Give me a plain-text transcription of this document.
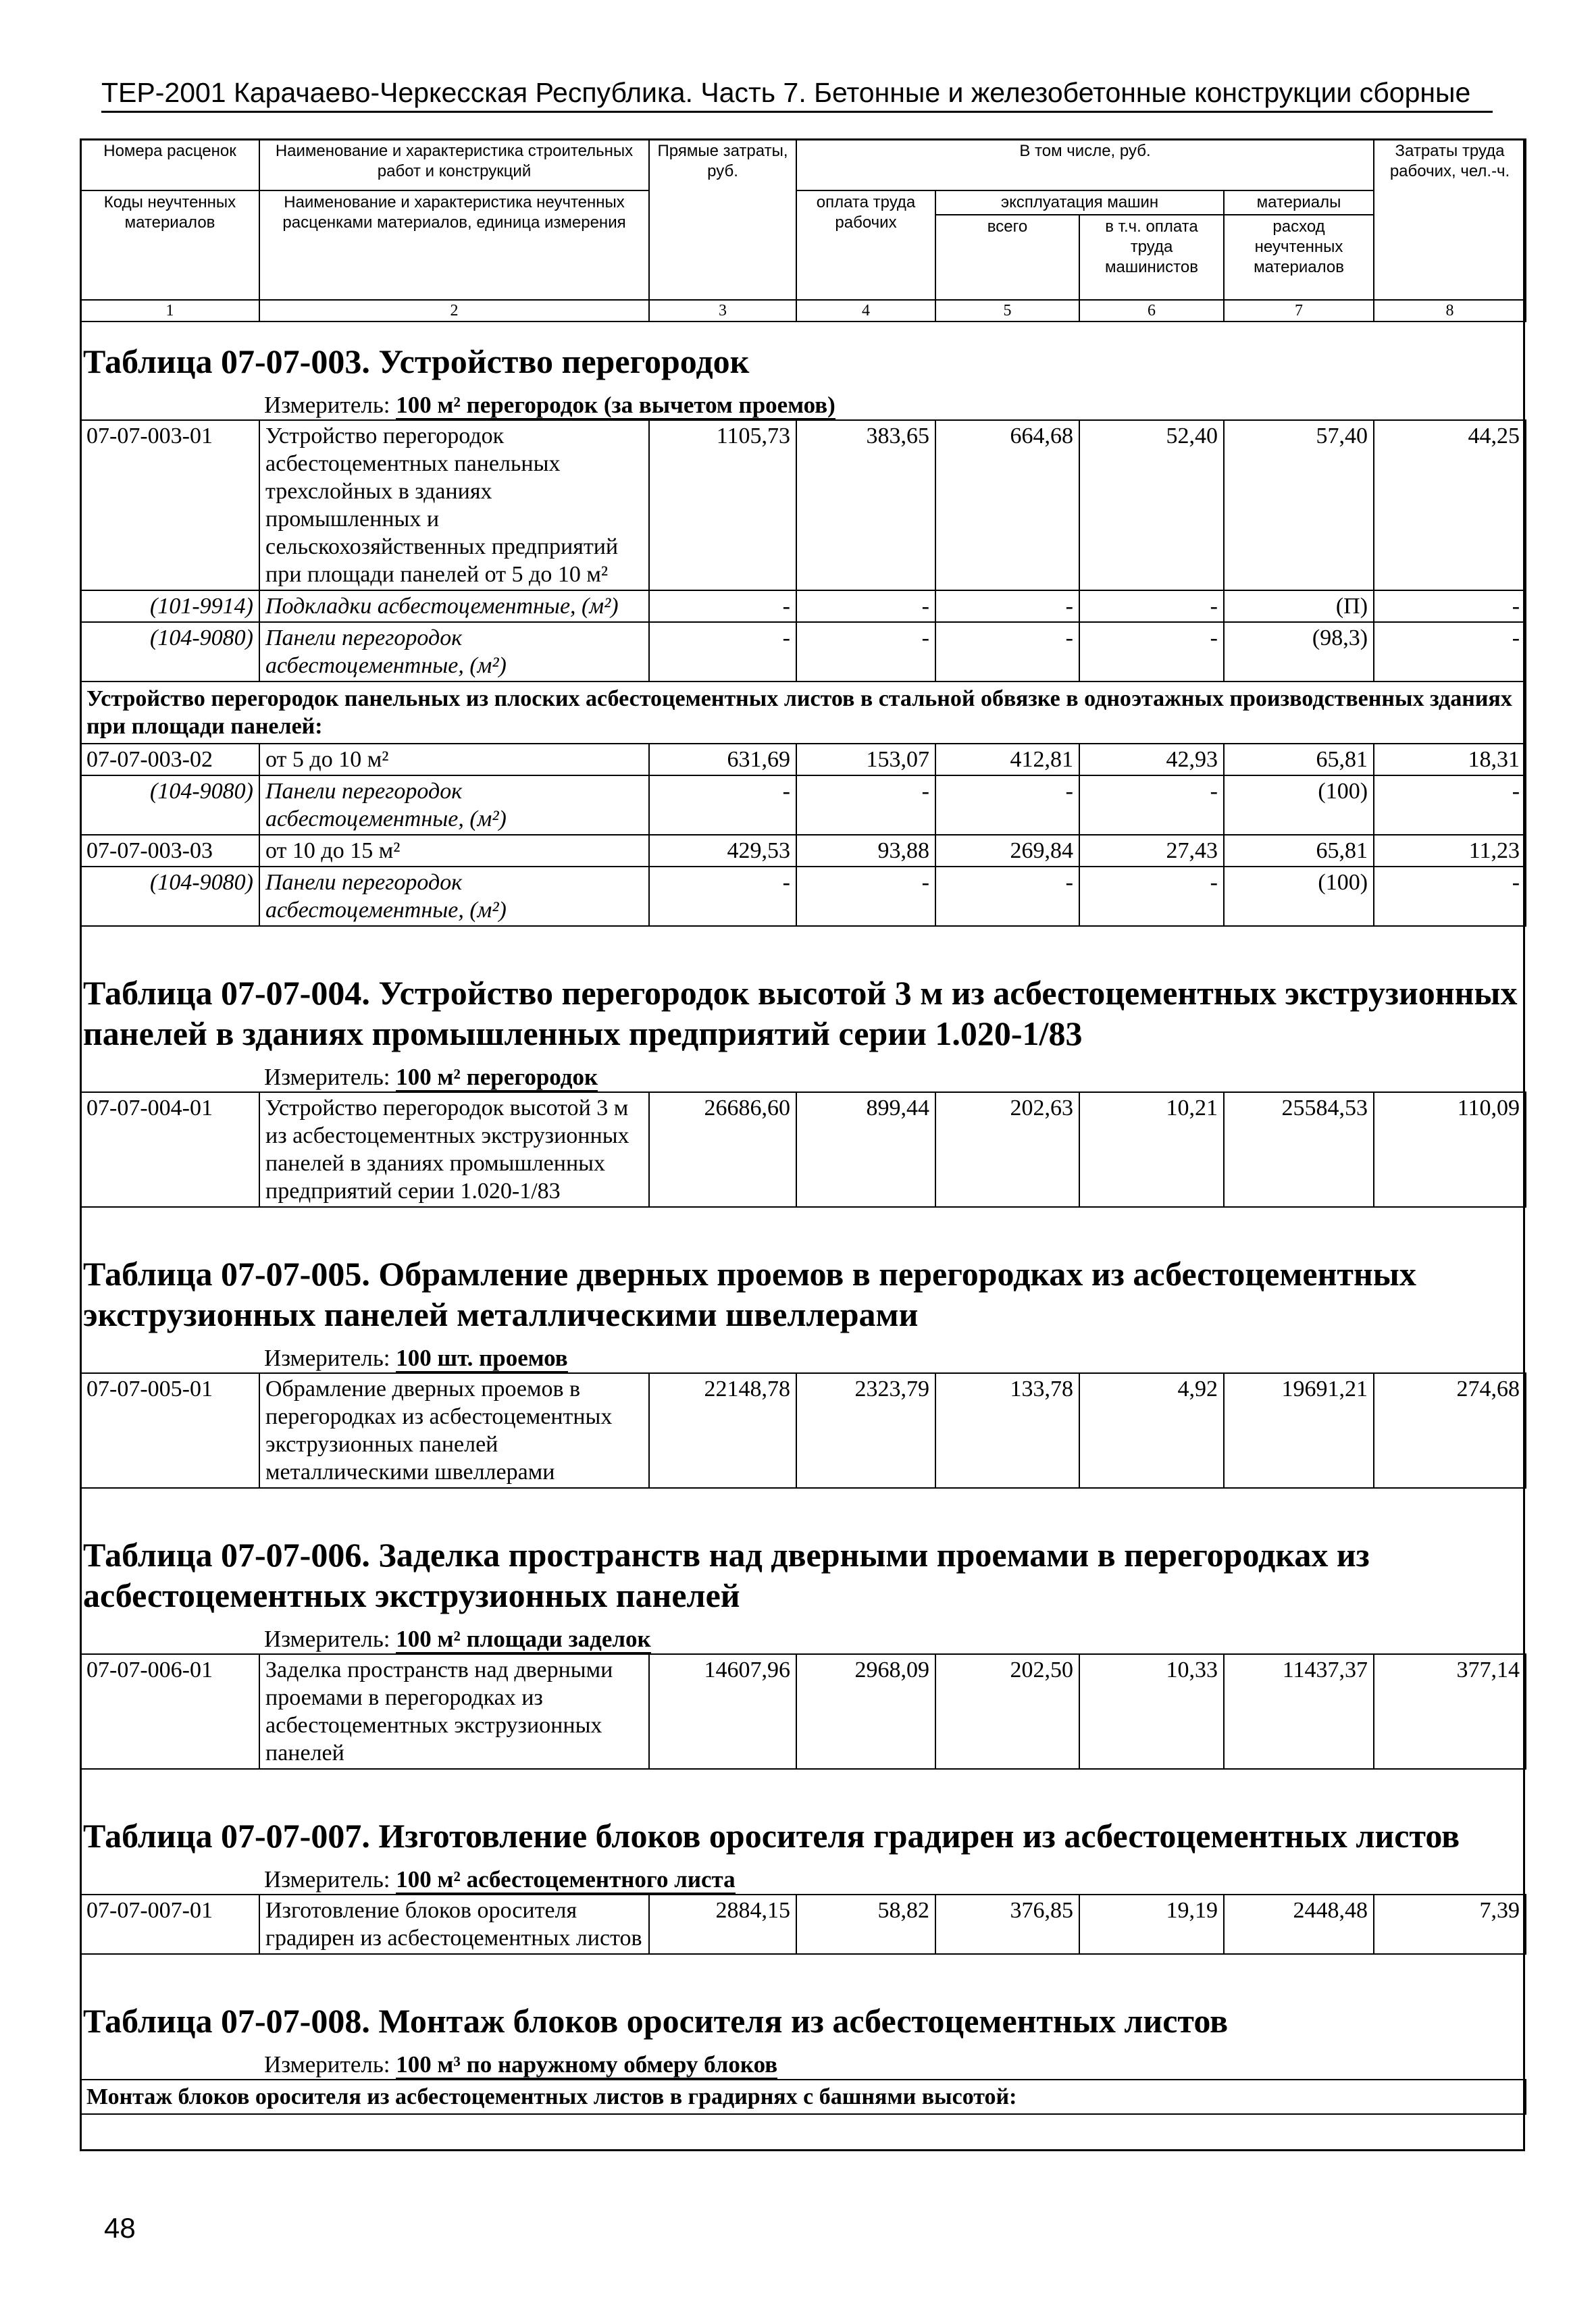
ТЕР-2001 Карачаево-Черкесская Республика. Часть 7. Бетонные и железобетонные конструкции сборные
Номера расценок	Наименование и характеристика строительных работ и конструкций	Прямые затраты, руб.	В том числе, руб.				Затраты труда рабочих, чел.-ч.
Коды неучтенных материалов	Наименование и характеристика неучтенных расценками материалов, единица измерения		оплата труда рабочих	эксплуатация машин		материалы	
				всего	в т.ч. оплата труда машинистов	расход неучтенных материалов	
1	2	3	4	5	6	7	8
Таблица 07-07-003. Устройство перегородок							
Измеритель: 100 м² перегородок (за вычетом проемов)							
07-07-003-01	Устройство перегородок асбестоцементных панельных трехслойных в зданиях промышленных и сельскохозяйственных предприятий при площади панелей от 5 до 10 м²	1105,73	383,65	664,68	52,40	57,40	44,25
(101-9914)	Подкладки асбестоцементные, (м²)	-	-	-	-	(П)	-
(104-9080)	Панели перегородок асбестоцементные, (м²)	-	-	-	-	(98,3)	-
Устройство перегородок панельных из плоских асбестоцементных листов в стальной обвязке в одноэтажных производственных зданиях при площади панелей:							
07-07-003-02	от 5 до 10 м²	631,69	153,07	412,81	42,93	65,81	18,31
(104-9080)	Панели перегородок асбестоцементные, (м²)	-	-	-	-	(100)	-
07-07-003-03	от 10 до 15 м²	429,53	93,88	269,84	27,43	65,81	11,23
(104-9080)	Панели перегородок асбестоцементные, (м²)	-	-	-	-	(100)	-

Таблица 07-07-004. Устройство перегородок высотой 3 м из асбестоцементных экструзионных панелей в зданиях промышленных предприятий серии 1.020-1/83							
Измеритель: 100 м² перегородок							
07-07-004-01	Устройство перегородок высотой 3 м из асбестоцементных экструзионных панелей в зданиях промышленных предприятий серии 1.020-1/83	26686,60	899,44	202,63	10,21	25584,53	110,09

Таблица 07-07-005. Обрамление дверных проемов в перегородках из асбестоцементных экструзионных панелей металлическими швеллерами							
Измеритель: 100 шт. проемов							
07-07-005-01	Обрамление дверных проемов в перегородках из асбестоцементных экструзионных панелей металлическими швеллерами	22148,78	2323,79	133,78	4,92	19691,21	274,68

Таблица 07-07-006. Заделка пространств над дверными проемами в перегородках из асбестоцементных экструзионных панелей							
Измеритель: 100 м² площади заделок							
07-07-006-01	Заделка пространств над дверными проемами в перегородках из асбестоцементных экструзионных панелей	14607,96	2968,09	202,50	10,33	11437,37	377,14

Таблица 07-07-007. Изготовление блоков оросителя градирен из асбестоцементных листов							
Измеритель: 100 м² асбестоцементного листа							
07-07-007-01	Изготовление блоков оросителя градирен из асбестоцементных листов	2884,15	58,82	376,85	19,19	2448,48	7,39

Таблица 07-07-008. Монтаж блоков оросителя из асбестоцементных листов							
Измеритель: 100 м³ по наружному обмеру блоков							
Монтаж блоков оросителя из асбестоцементных листов в градирнях с башнями высотой:							
48
